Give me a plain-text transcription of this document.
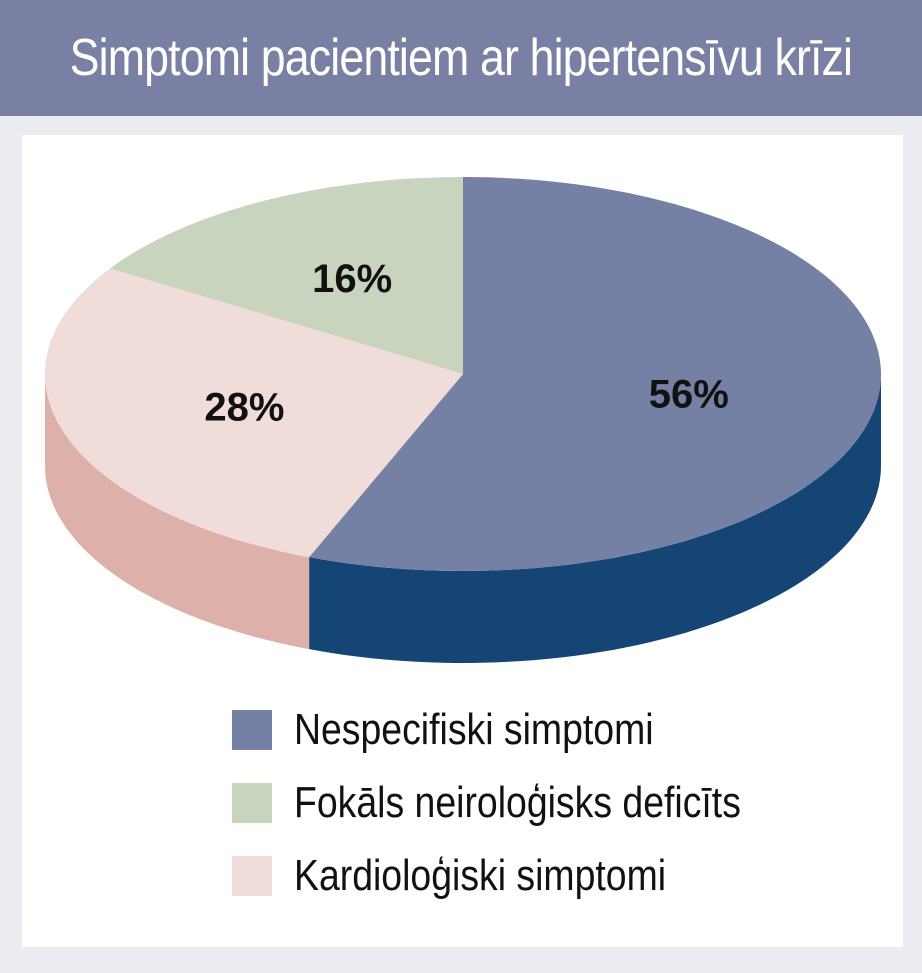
Simptomi pacientiem ar hipertensīvu krīzi
56%
28%
16%
Nespecifiski simptomi
Fokāls neiroloģisks deficīts
Kardioloģiski simptomi
